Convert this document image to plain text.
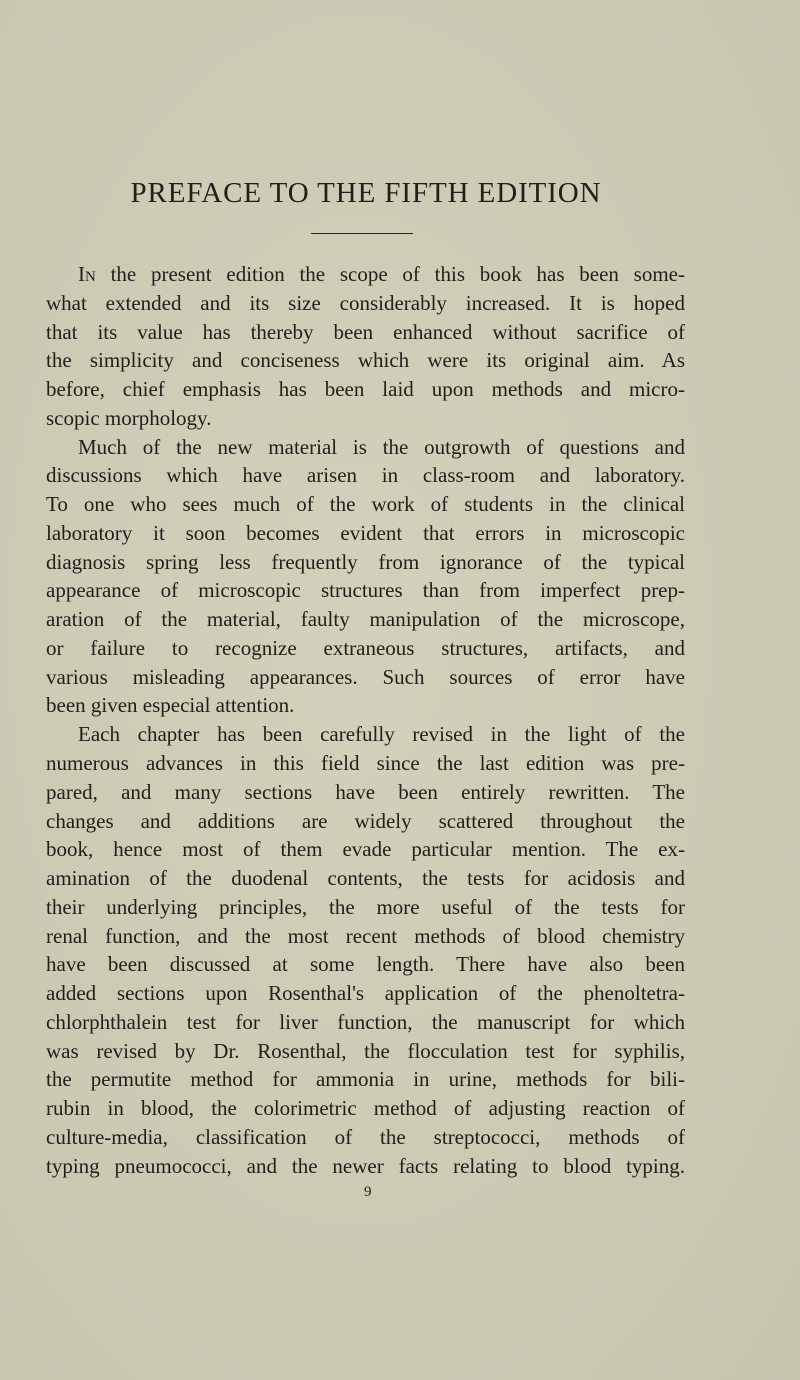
PREFACE TO THE FIFTH EDITION
In the present edition the scope of this book has been some-
what extended and its size considerably increased. It is hoped
that its value has thereby been enhanced without sacrifice of
the simplicity and conciseness which were its original aim. As
before, chief emphasis has been laid upon methods and micro-
scopic morphology.
Much of the new material is the outgrowth of questions and
discussions which have arisen in class-room and laboratory.
To one who sees much of the work of students in the clinical
laboratory it soon becomes evident that errors in microscopic
diagnosis spring less frequently from ignorance of the typical
appearance of microscopic structures than from imperfect prep-
aration of the material, faulty manipulation of the microscope,
or failure to recognize extraneous structures, artifacts, and
various misleading appearances. Such sources of error have
been given especial attention.
Each chapter has been carefully revised in the light of the
numerous advances in this field since the last edition was pre-
pared, and many sections have been entirely rewritten. The
changes and additions are widely scattered throughout the
book, hence most of them evade particular mention. The ex-
amination of the duodenal contents, the tests for acidosis and
their underlying principles, the more useful of the tests for
renal function, and the most recent methods of blood chemistry
have been discussed at some length. There have also been
added sections upon Rosenthal's application of the phenoltetra-
chlorphthalein test for liver function, the manuscript for which
was revised by Dr. Rosenthal, the flocculation test for syphilis,
the permutite method for ammonia in urine, methods for bili-
rubin in blood, the colorimetric method of adjusting reaction of
culture-media, classification of the streptococci, methods of
typing pneumococci, and the newer facts relating to blood typing.
9
